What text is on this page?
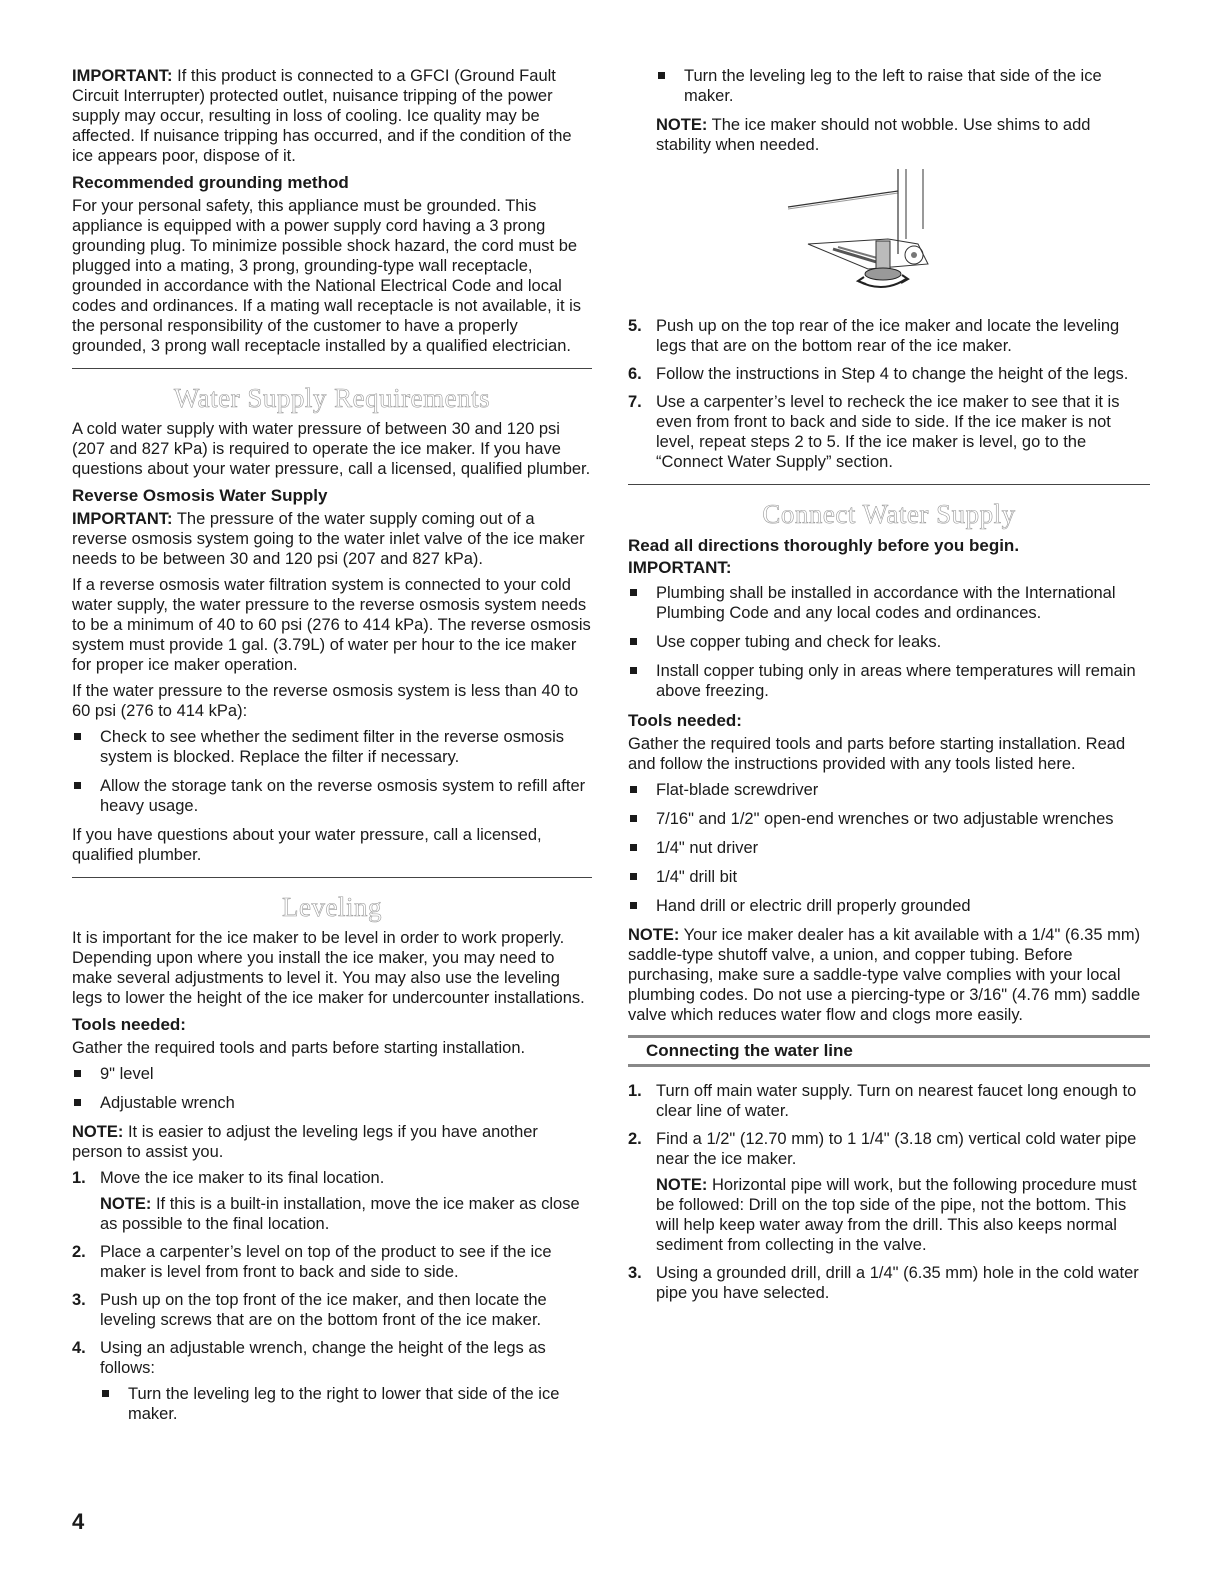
IMPORTANT: If this product is connected to a GFCI (Ground Fault Circuit Interrupter) protected outlet, nuisance tripping of the power supply may occur, resulting in loss of cooling. Ice quality may be affected. If nuisance tripping has occurred, and if the condition of the ice appears poor, dispose of it.

Recommended grounding method

For your personal safety, this appliance must be grounded. This appliance is equipped with a power supply cord having a 3 prong grounding plug. To minimize possible shock hazard, the cord must be plugged into a mating, 3 prong, grounding-type wall receptacle, grounded in accordance with the National Electrical Code and local codes and ordinances. If a mating wall receptacle is not available, it is the personal responsibility of the customer to have a properly grounded, 3 prong wall receptacle installed by a qualified electrician.

Water Supply Requirements

A cold water supply with water pressure of between 30 and 120 psi (207 and 827 kPa) is required to operate the ice maker. If you have questions about your water pressure, call a licensed, qualified plumber.

Reverse Osmosis Water Supply

IMPORTANT: The pressure of the water supply coming out of a reverse osmosis system going to the water inlet valve of the ice maker needs to be between 30 and 120 psi (207 and 827 kPa).

If a reverse osmosis water filtration system is connected to your cold water supply, the water pressure to the reverse osmosis system needs to be a minimum of 40 to 60 psi (276 to 414 kPa). The reverse osmosis system must provide 1 gal. (3.79L) of water per hour to the ice maker for proper ice maker operation.

If the water pressure to the reverse osmosis system is less than 40 to 60 psi (276 to 414 kPa):

Check to see whether the sediment filter in the reverse osmosis system is blocked. Replace the filter if necessary.
Allow the storage tank on the reverse osmosis system to refill after heavy usage.

If you have questions about your water pressure, call a licensed, qualified plumber.

Leveling

It is important for the ice maker to be level in order to work properly. Depending upon where you install the ice maker, you may need to make several adjustments to level it. You may also use the leveling legs to lower the height of the ice maker for undercounter installations.

Tools needed:

Gather the required tools and parts before starting installation.

9" level
Adjustable wrench

NOTE: It is easier to adjust the leveling legs if you have another person to assist you.

1. Move the ice maker to its final location.

NOTE: If this is a built-in installation, move the ice maker as close as possible to the final location.

2. Place a carpenter’s level on top of the product to see if the ice maker is level from front to back and side to side.
3. Push up on the top front of the ice maker, and then locate the leveling screws that are on the bottom front of the ice maker.
4. Using an adjustable wrench, change the height of the legs as follows:
Turn the leveling leg to the right to lower that side of the ice maker.
Turn the leveling leg to the left to raise that side of the ice maker.

NOTE: The ice maker should not wobble. Use shims to add stability when needed.

5. Push up on the top rear of the ice maker and locate the leveling legs that are on the bottom rear of the ice maker.
6. Follow the instructions in Step 4 to change the height of the legs.
7. Use a carpenter’s level to recheck the ice maker to see that it is even from front to back and side to side. If the ice maker is not level, repeat steps 2 to 5. If the ice maker is level, go to the “Connect Water Supply” section.
Connect Water Supply
Read all directions thoroughly before you begin.
IMPORTANT:
Plumbing shall be installed in accordance with the International Plumbing Code and any local codes and ordinances.
Use copper tubing and check for leaks.
Install copper tubing only in areas where temperatures will remain above freezing.
Tools needed:

Gather the required tools and parts before starting installation. Read and follow the instructions provided with any tools listed here.

Flat-blade screwdriver
7/16" and 1/2" open-end wrenches or two adjustable wrenches
1/4" nut driver
1/4" drill bit
Hand drill or electric drill properly grounded

NOTE: Your ice maker dealer has a kit available with a 1/4" (6.35 mm) saddle-type shutoff valve, a union, and copper tubing. Before purchasing, make sure a saddle-type valve complies with your local plumbing codes. Do not use a piercing-type or 3/16" (4.76 mm) saddle valve which reduces water flow and clogs more easily.

Connecting the water line
1. Turn off main water supply. Turn on nearest faucet long enough to clear line of water.
2. Find a 1/2" (12.70 mm) to 1 1/4" (3.18 cm) vertical cold water pipe near the ice maker.

NOTE: Horizontal pipe will work, but the following procedure must be followed: Drill on the top side of the pipe, not the bottom. This will help keep water away from the drill. This also keeps normal sediment from collecting in the valve.

3. Using a grounded drill, drill a 1/4" (6.35 mm) hole in the cold water pipe you have selected.
4
